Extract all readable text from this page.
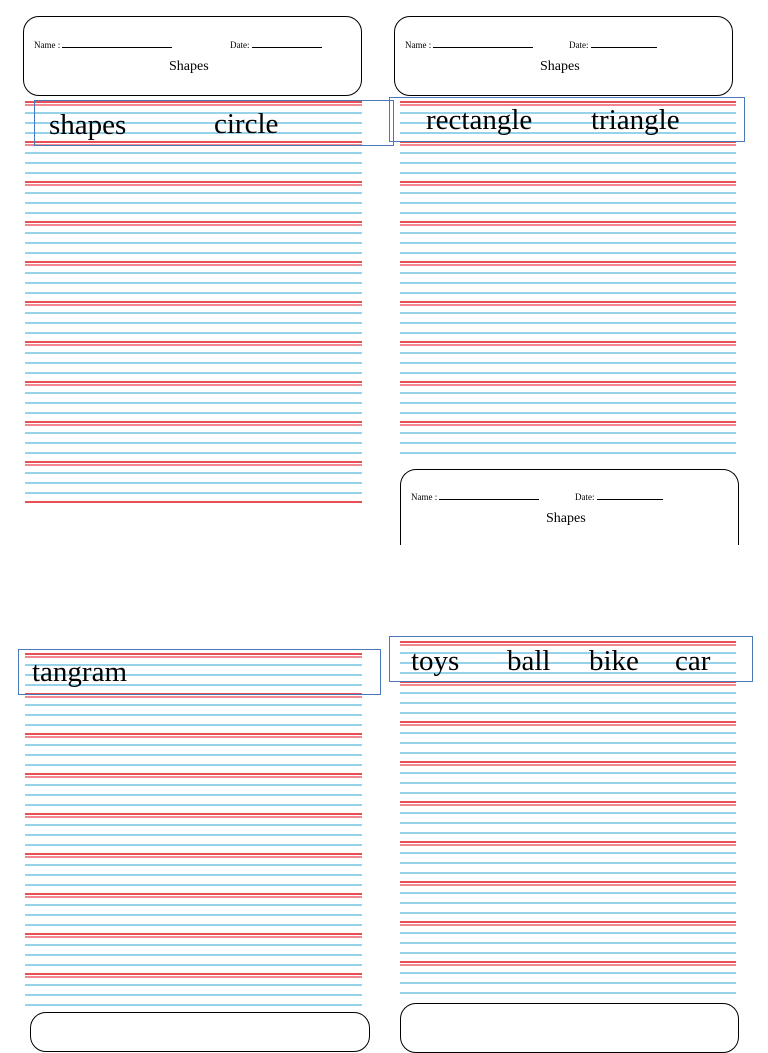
Name :	Date:
Shapes
Name :	Date:
Shapes
Name :	Date:
Shapes
shapes	circle	rectangle triangle
tangram	toys ball bike car
